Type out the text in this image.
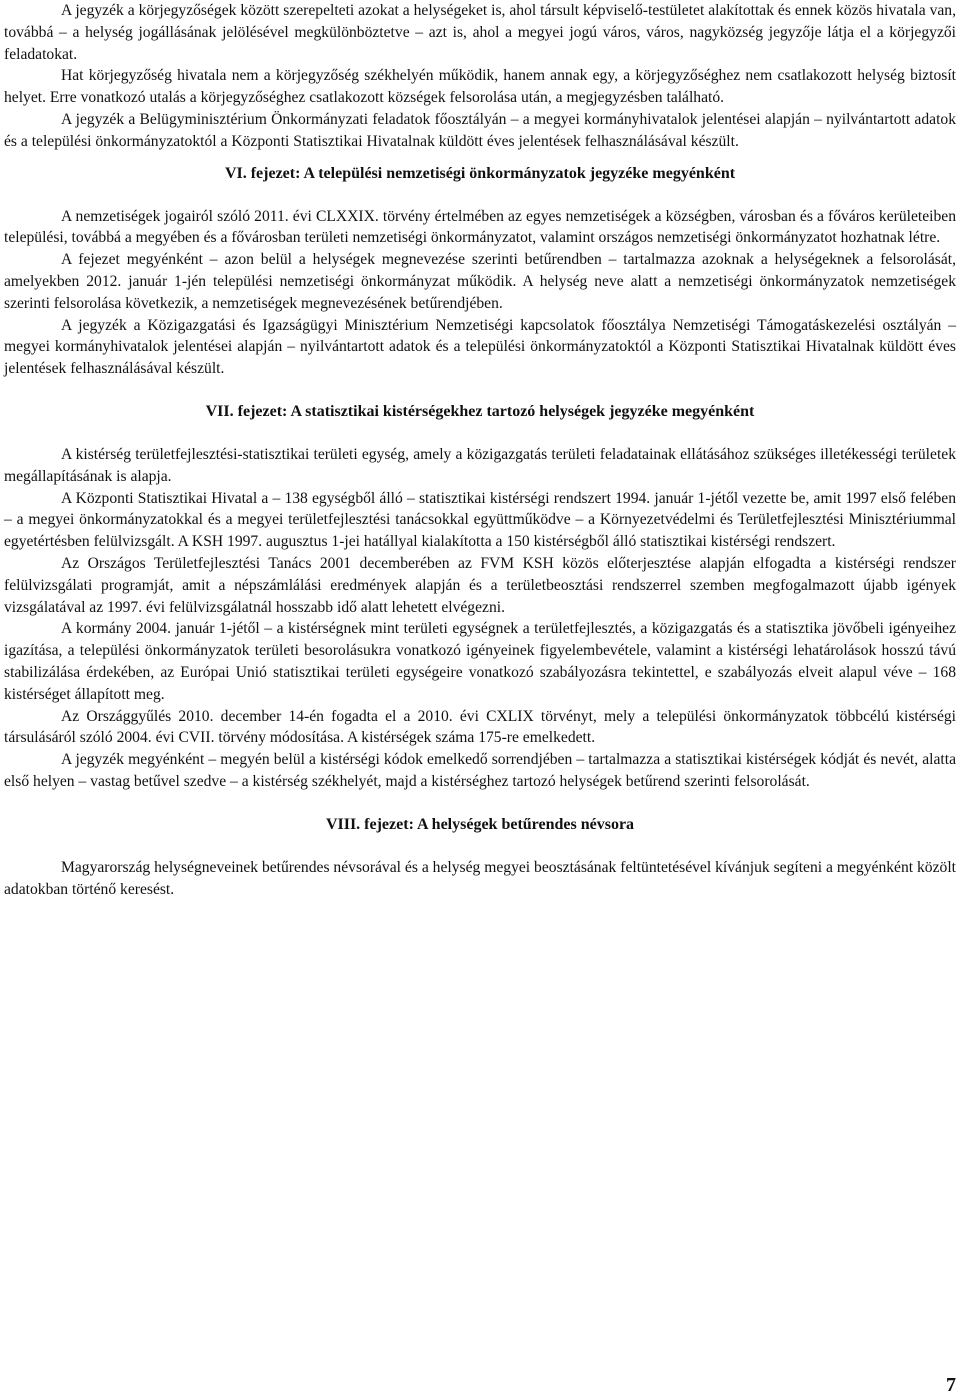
A jegyzék a körjegyzőségek között szerepelteti azokat a helységeket is, ahol társult képviselő-testületet alakítottak és ennek közös hivatala van, továbbá – a helység jogállásának jelölésével megkülönböztetve – azt is, ahol a megyei jogú város, város, nagyközség jegyzője látja el a körjegyzői feladatokat.

Hat körjegyzőség hivatala nem a körjegyzőség székhelyén működik, hanem annak egy, a körjegyzőséghez nem csatlakozott helység biztosít helyet. Erre vonatkozó utalás a körjegyzőséghez csatlakozott községek felsorolása után, a megjegyzésben található.

A jegyzék a Belügyminisztérium Önkormányzati feladatok főosztályán – a megyei kormányhivatalok jelentései alapján – nyilvántartott adatok és a települési önkormányzatoktól a Központi Statisztikai Hivatalnak küldött éves jelentések felhasználásával készült.

VI. fejezet: A települési nemzetiségi önkormányzatok jegyzéke megyénként

A nemzetiségek jogairól szóló 2011. évi CLXXIX. törvény értelmében az egyes nemzetiségek a községben, városban és a főváros kerületeiben települési, továbbá a megyében és a fővárosban területi nemzetiségi önkormányzatot, valamint országos nemzetiségi önkormányzatot hozhatnak létre.

A fejezet megyénként – azon belül a helységek megnevezése szerinti betűrendben – tartalmazza azoknak a helységeknek a felsorolását, amelyekben 2012. január 1-jén települési nemzetiségi önkormányzat működik. A helység neve alatt a nemzetiségi önkormányzatok nemzetiségek szerinti felsorolása következik, a nemzetiségek megnevezésének betűrendjében.

A jegyzék a Közigazgatási és Igazságügyi Minisztérium Nemzetiségi kapcsolatok főosztálya Nemzetiségi Támogatáskezelési osztályán – megyei kormányhivatalok jelentései alapján – nyilvántartott adatok és a települési önkormányzatoktól a Központi Statisztikai Hivatalnak küldött éves jelentések felhasználásával készült.

VII. fejezet: A statisztikai kistérségekhez tartozó helységek jegyzéke megyénként

A kistérség területfejlesztési-statisztikai területi egység, amely a közigazgatás területi feladatainak ellátásához szükséges illetékességi területek megállapításának is alapja.

A Központi Statisztikai Hivatal a – 138 egységből álló – statisztikai kistérségi rendszert 1994. január 1-jétől vezette be, amit 1997 első felében – a megyei önkormányzatokkal és a megyei területfejlesztési tanácsokkal együttműködve – a Környezetvédelmi és Területfejlesztési Minisztériummal egyetértésben felülvizsgált. A KSH 1997. augusztus 1-jei hatállyal kialakította a 150 kistérségből álló statisztikai kistérségi rendszert.

Az Országos Területfejlesztési Tanács 2001 decemberében az FVM KSH közös előterjesztése alapján elfogadta a kistérségi rendszer felülvizsgálati programját, amit a népszámlálási eredmények alapján és a területbeosztási rendszerrel szemben megfogalmazott újabb igények vizsgálatával az 1997. évi felülvizsgálatnál hosszabb idő alatt lehetett elvégezni.

A kormány 2004. január 1-jétől – a kistérségnek mint területi egységnek a területfejlesztés, a közigazgatás és a statisztika jövőbeli igényeihez igazítása, a települési önkormányzatok területi besorolásukra vonatkozó igényeinek figyelembevétele, valamint a kistérségi lehatárolások hosszú távú stabilizálása érdekében, az Európai Unió statisztikai területi egységeire vonatkozó szabályozásra tekintettel, e szabályozás elveit alapul véve – 168 kistérséget állapított meg.

Az Országgyűlés 2010. december 14-én fogadta el a 2010. évi CXLIX törvényt, mely a települési önkormányzatok többcélú kistérségi társulásáról szóló 2004. évi CVII. törvény módosítása. A kistérségek száma 175-re emelkedett.

A jegyzék megyénként – megyén belül a kistérségi kódok emelkedő sorrendjében – tartalmazza a statisztikai kistérségek kódját és nevét, alatta első helyen – vastag betűvel szedve – a kistérség székhelyét, majd a kistérséghez tartozó helységek betűrend szerinti felsorolását.

VIII. fejezet: A helységek betűrendes névsora

Magyarország helységneveinek betűrendes névsorával és a helység megyei beosztásának feltüntetésével kívánjuk segíteni a megyénként közölt adatokban történő keresést.

7
